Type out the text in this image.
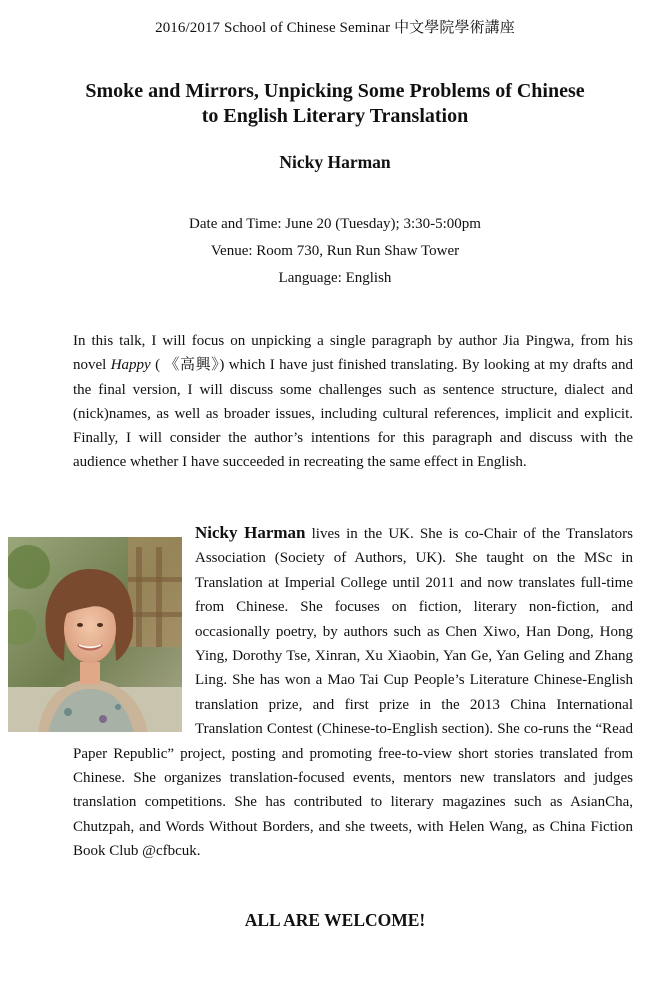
2016/2017 School of Chinese Seminar 中文學院學術講座
Smoke and Mirrors, Unpicking Some Problems of Chinese
to English Literary Translation
Nicky Harman
Date and Time: June 20 (Tuesday); 3:30-5:00pm
Venue: Room 730, Run Run Shaw Tower
Language: English

In this talk, I will focus on unpicking a single paragraph by author Jia Pingwa, from his novel Happy ( 《高興》) which I have just finished translating. By looking at my drafts and the final version, I will discuss some challenges such as sentence structure, dialect and (nick)names, as well as broader issues, including cultural references, implicit and explicit. Finally, I will consider the author’s intentions for this paragraph and discuss with the audience whether I have succeeded in recreating the same effect in English.

Nicky Harman lives in the UK. She is co-Chair of the Translators Association (Society of Authors, UK). She taught on the MSc in Translation at Imperial College until 2011 and now translates full-time from Chinese. She focuses on fiction, literary non-fiction, and occasionally poetry, by authors such as Chen Xiwo, Han Dong, Hong Ying, Dorothy Tse, Xinran, Xu Xiaobin, Yan Ge, Yan Geling and Zhang Ling. She has won a Mao Tai Cup People’s Literature Chinese-English translation prize, and first prize in the 2013 China International Translation Contest (Chinese-to-English section). She co-runs the “Read Paper Republic” project, posting and promoting free-to-view short stories translated from Chinese. She organizes translation-focused events, mentors new translators and judges translation competitions. She has contributed to literary magazines such as AsianCha, Chutzpah, and Words Without Borders, and she tweets, with Helen Wang, as China Fiction Book Club @cfbcuk.

ALL ARE WELCOME!
